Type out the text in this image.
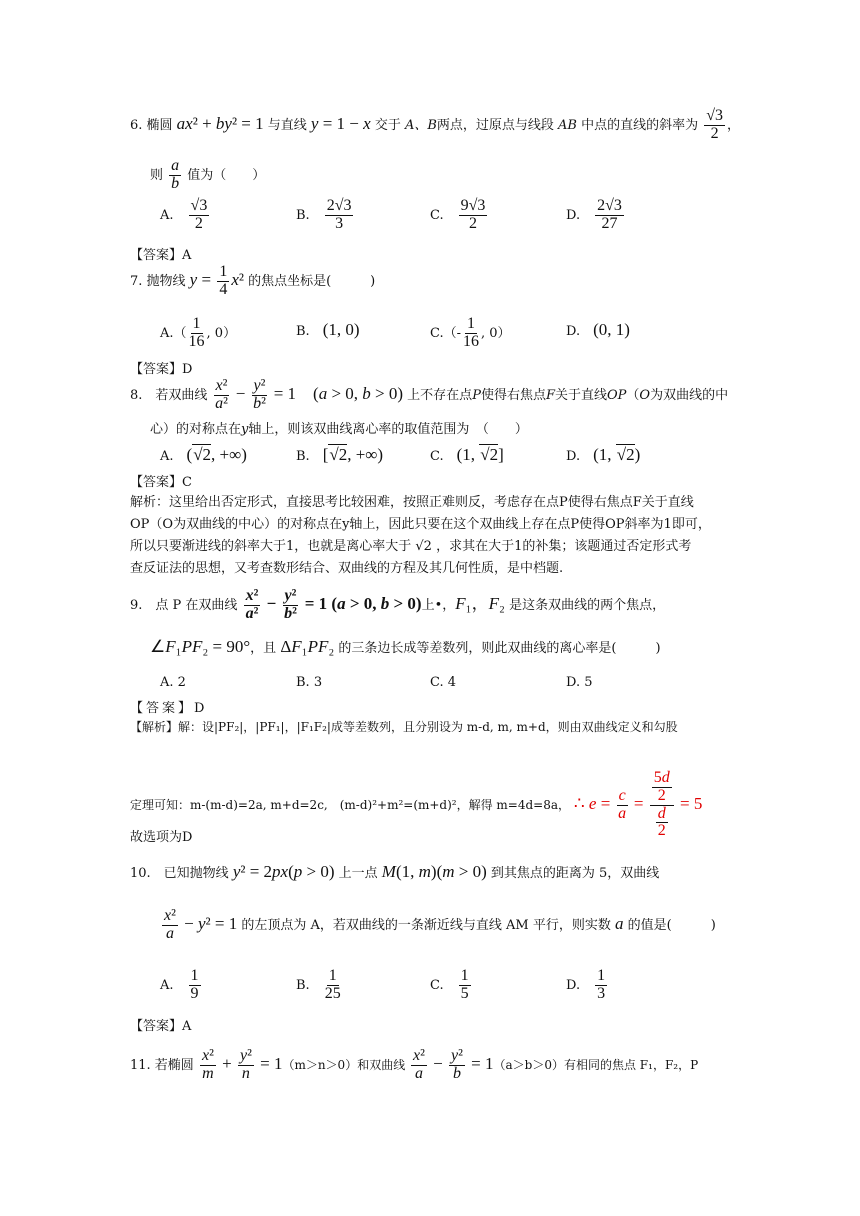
6. 椭圆 ax² + by² = 1 与直线 y = 1 − x 交于 A、B两点，过原点与线段 AB 中点的直线的斜率为 $\frac{√3}{2}$ ，
则 $\frac{a}{b}$ 值为（　　）
A.　 $\frac{√3}{2}$	B.　 $\frac{2√3}{3}$	C.　 $\frac{9√3}{2}$	D.　 $\frac{2√3}{27}$
【答案】A
7. 抛物线 $y = \frac{1}{4} x^2$ 的焦点坐标是(　　　)
$A.( \frac{1}{16}$ , 0）	B.　(1, 0)	$C.(- \frac{1}{16}$ , 0）	D.　(0, 1)
【答案】D
8.　若双曲线 $\frac{\text{x²}}{\text{a²}} - \frac{\text{y²}}{\text{b²}} = 1$　(a > 0, b > 0) 上不存在点P使得右焦点F关于直线OP（O为双曲线的中
心）的对称点在y轴上，则该双曲线离心率的取值范围为　（　　）
A.　(√2, +∞)	B.　[√2, +∞)	C.　(1, √2]	D.　(1, √2)
【答案】C
解析：这里给出否定形式，直接思考比较困难，按照正难则反，考虑存在点P使得右焦点F关于直线
OP（O为双曲线的中心）的对称点在y轴上，因此只要在这个双曲线上存在点P使得OP斜率为1即可，
所以只要渐进线的斜率大于1，也就是离心率大于 √2 ，求其在大于1的补集；该题通过否定形式考
查反证法的思想，又考查数形结合、双曲线的方程及其几何性质，是中档题.
9.　点 P 在双曲线 $\frac{\text{x²}}{\text{a²}} - \frac{\text{y²}}{\text{b²}} = 1$ (a > 0, b > 0)上•，F₁，F₂ 是这条双曲线的两个焦点，
∠F₁PF₂ = 90°，且 ΔF₁PF₂ 的三条边长成等差数列，则此双曲线的离心率是(　　　)
A. 2	B. 3	C. 4	D. 5
【答案】D
【解析】解：设|PF₂|，|PF₁|，|F₁F₂|成等差数列，且分别设为 m-d, m, m+d，则由双曲线定义和勾股
定理可知：m-(m-d)=2a, m+d=2c,　(m-d)²+m²=(m+d)²，解得 m=4d=8a， ∴ $e = \frac{c}{a} = \frac{\frac{5d}{2}}{\frac{d}{2}} = 5$
故选项为D
10.　已知抛物线 y² = 2px(p > 0) 上一点 M(1, m)(m > 0) 到其焦点的距离为 5，双曲线
$\frac{\text{x²}}{a} - y^2 = 1$ 的左顶点为 A，若双曲线的一条渐近线与直线 AM 平行，则实数 a 的值是(　　　)
A.　 $\frac{1}{9}$	B.　 $\frac{1}{25}$	C.　 $\frac{1}{5}$	D.　 $\frac{1}{3}$
【答案】A
11. 若椭圆 $\frac{\text{x²}}{m} + \frac{\text{y²}}{n} = 1(m>n>0)$和双曲线 $\frac{\text{x²}}{a} - \frac{\text{y²}}{b} = 1(a>b>0)$有相同的焦点 F₁，F₂，P
